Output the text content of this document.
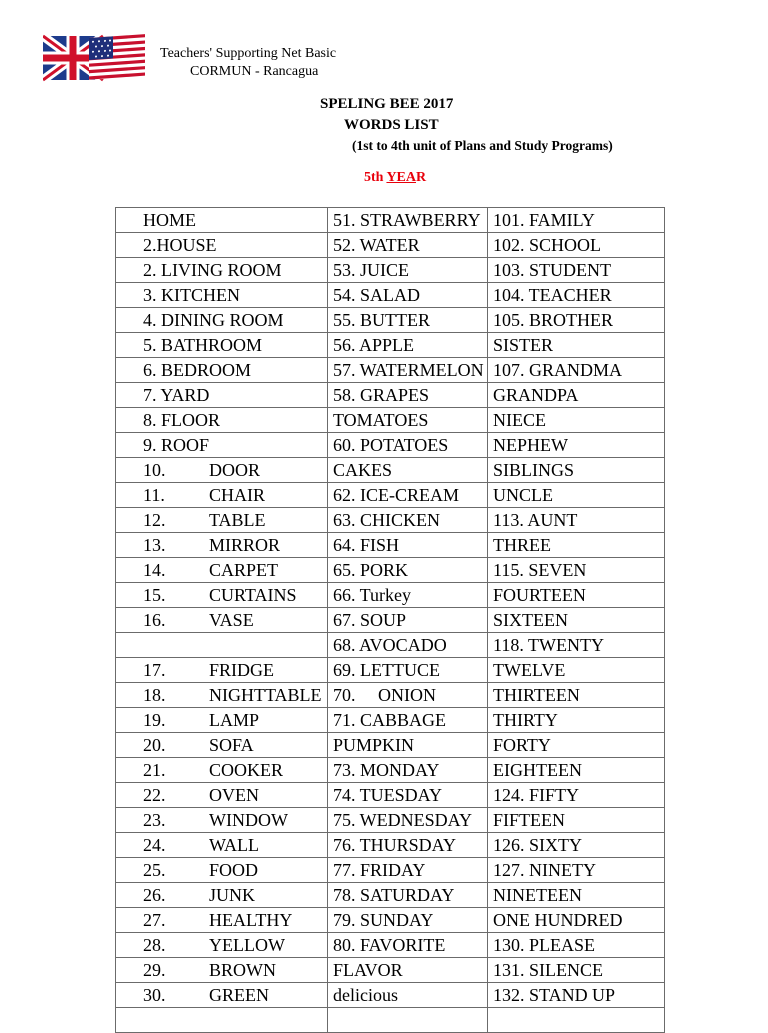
Teachers' Supporting Net Basic
CORMUN - Rancagua
SPELING BEE 2017
WORDS LIST
(1st to 4th unit of Plans and Study Programs)
5th YEAR
HOME	51. STRAWBERRY	101. FAMILY
2.HOUSE	52. WATER	102. SCHOOL
2. LIVING ROOM	53. JUICE	103. STUDENT
3. KITCHEN	54. SALAD	104. TEACHER
4. DINING ROOM	55. BUTTER	105. BROTHER
5. BATHROOM	56. APPLE	SISTER
6. BEDROOM	57. WATERMELON	107. GRANDMA
7. YARD	58. GRAPES	GRANDPA
8. FLOOR	TOMATOES	NIECE
9. ROOF	60. POTATOES	NEPHEW
10. DOOR	CAKES	SIBLINGS
11. CHAIR	62. ICE-CREAM	UNCLE
12. TABLE	63. CHICKEN	113. AUNT
13. MIRROR	64. FISH	THREE
14. CARPET	65. PORK	115. SEVEN
15. CURTAINS	66. Turkey	FOURTEEN
16. VASE	67. SOUP	SIXTEEN
	68. AVOCADO	118. TWENTY
17. FRIDGE	69. LETTUCE	TWELVE
18. NIGHTTABLE	70.     ONION	THIRTEEN
19. LAMP	71. CABBAGE	THIRTY
20. SOFA	PUMPKIN	FORTY
21. COOKER	73. MONDAY	EIGHTEEN
22. OVEN	74. TUESDAY	124. FIFTY
23. WINDOW	75. WEDNESDAY	FIFTEEN
24. WALL	76. THURSDAY	126. SIXTY
25. FOOD	77. FRIDAY	127. NINETY
26. JUNK	78. SATURDAY	NINETEEN
27. HEALTHY	79. SUNDAY	ONE HUNDRED
28. YELLOW	80. FAVORITE	130. PLEASE
29. BROWN	FLAVOR	131. SILENCE
30. GREEN	delicious	132. STAND UP
